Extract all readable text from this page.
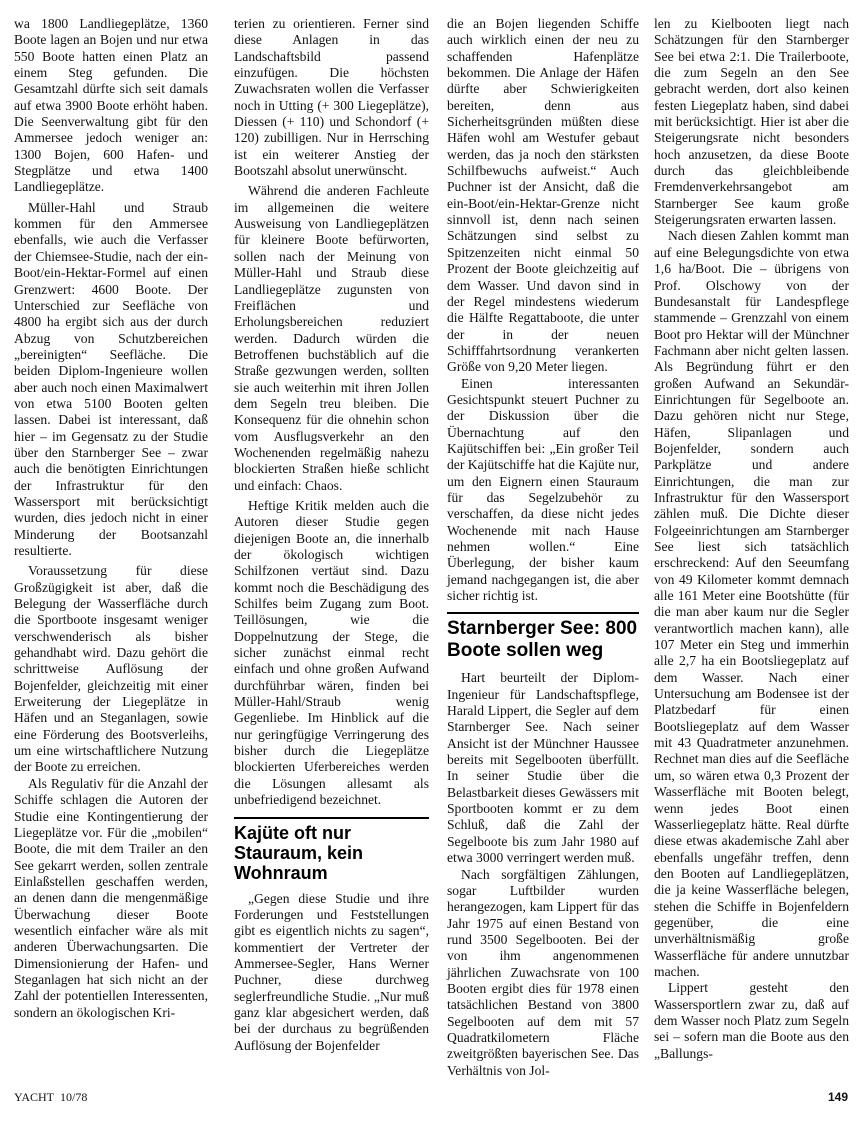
wa 1800 Landliegeplätze, 1360 Boote lagen an Bojen und nur etwa 550 Boote hatten einen Platz an einem Steg gefunden. Die Gesamtzahl dürfte sich seit damals auf etwa 3900 Boote erhöht haben. Die Seenverwaltung gibt für den Ammersee jedoch weniger an: 1300 Bojen, 600 Hafen- und Stegplätze und etwa 1400 Landliegeplätze.

Müller-Hahl und Straub kommen für den Ammersee ebenfalls, wie auch die Verfasser der Chiemsee-Studie, nach der ein-Boot/ein-Hektar-Formel auf einen Grenzwert: 4600 Boote. Der Unterschied zur Seefläche von 4800 ha ergibt sich aus der durch Abzug von Schutzbereichen „bereinigten“ Seefläche. Die beiden Diplom-Ingenieure wollen aber auch noch einen Maximalwert von etwa 5100 Booten gelten lassen. Dabei ist interessant, daß hier – im Gegensatz zu der Studie über den Starnberger See – zwar auch die benötigten Einrichtungen der Infrastruktur für den Wassersport mit berücksichtigt wurden, dies jedoch nicht in einer Minderung der Bootsanzahl resultierte.

Voraussetzung für diese Großzügigkeit ist aber, daß die Belegung der Wasserfläche durch die Sportboote insgesamt weniger verschwenderisch als bisher gehandhabt wird. Dazu gehört die schrittweise Auflösung der Bojenfelder, gleichzeitig mit einer Erweiterung der Liegeplätze in Häfen und an Steganlagen, sowie eine Förderung des Bootsverleihs, um eine wirtschaftlichere Nutzung der Boote zu erreichen.

Als Regulativ für die Anzahl der Schiffe schlagen die Autoren der Studie eine Kontingentierung der Liegeplätze vor. Für die „mobilen“ Boote, die mit dem Trailer an den See gekarrt werden, sollen zentrale Einlaßstellen geschaffen werden, an denen dann die mengenmäßige Überwachung dieser Boote wesentlich einfacher wäre als mit anderen Überwachungsarten. Die Dimensionierung der Hafen- und Steganlagen hat sich nicht an der Zahl der potentiellen Interessenten, sondern an ökologischen Kri-

terien zu orientieren. Ferner sind diese Anlagen in das Landschaftsbild passend einzufügen. Die höchsten Zuwachsraten wollen die Verfasser noch in Utting (+ 300 Liegeplätze), Diessen (+ 110) und Schondorf (+ 120) zubilligen. Nur in Herrsching ist ein weiterer Anstieg der Bootszahl absolut unerwünscht.

Während die anderen Fachleute im allgemeinen die weitere Ausweisung von Landliegeplätzen für kleinere Boote befürworten, sollen nach der Meinung von Müller-Hahl und Straub diese Landliegeplätze zugunsten von Freiflächen und Erholungsbereichen reduziert werden. Dadurch würden die Betroffenen buchstäblich auf die Straße gezwungen werden, sollten sie auch weiterhin mit ihren Jollen dem Segeln treu bleiben. Die Konsequenz für die ohnehin schon vom Ausflugsverkehr an den Wochenenden regelmäßig nahezu blockierten Straßen hieße schlicht und einfach: Chaos.

Heftige Kritik melden auch die Autoren dieser Studie gegen diejenigen Boote an, die innerhalb der ökologisch wichtigen Schilfzonen vertäut sind. Dazu kommt noch die Beschädigung des Schilfes beim Zugang zum Boot. Teillösungen, wie die Doppelnutzung der Stege, die sicher zunächst einmal recht einfach und ohne großen Aufwand durchführbar wären, finden bei Müller-Hahl/Straub wenig Gegenliebe. Im Hinblick auf die nur geringfügige Verringerung des bisher durch die Liegeplätze blockierten Uferbereiches werden die Lösungen allesamt als unbefriedigend bezeichnet.

Kajüte oft nur Stauraum, kein Wohnraum

„Gegen diese Studie und ihre Forderungen und Feststellungen gibt es eigentlich nichts zu sagen“, kommentiert der Vertreter der Ammersee-Segler, Hans Werner Puchner, diese durchweg seglerfreundliche Studie. „Nur muß ganz klar abgesichert werden, daß bei der durchaus zu begrüßenden Auflösung der Bojenfelder

die an Bojen liegenden Schiffe auch wirklich einen der neu zu schaffenden Hafenplätze bekommen. Die Anlage der Häfen dürfte aber Schwierigkeiten bereiten, denn aus Sicherheitsgründen müßten diese Häfen wohl am Westufer gebaut werden, das ja noch den stärksten Schilfbewuchs aufweist.“ Auch Puchner ist der Ansicht, daß die ein-Boot/ein-Hektar-Grenze nicht sinnvoll ist, denn nach seinen Schätzungen sind selbst zu Spitzenzeiten nicht einmal 50 Prozent der Boote gleichzeitig auf dem Wasser. Und davon sind in der Regel mindestens wiederum die Hälfte Regattaboote, die unter der in der neuen Schifffahrtsordnung verankerten Größe von 9,20 Meter liegen.

Einen interessanten Gesichtspunkt steuert Puchner zu der Diskussion über die Übernachtung auf den Kajütschiffen bei: „Ein großer Teil der Kajütschiffe hat die Kajüte nur, um den Eignern einen Stauraum für das Segelzubehör zu verschaffen, da diese nicht jedes Wochenende mit nach Hause nehmen wollen.“ Eine Überlegung, der bisher kaum jemand nachgegangen ist, die aber sicher richtig ist.

Starnberger See: 800 Boote sollen weg

Hart beurteilt der Diplom-Ingenieur für Landschaftspflege, Harald Lippert, die Segler auf dem Starnberger See. Nach seiner Ansicht ist der Münchner Haussee bereits mit Segelbooten überfüllt. In seiner Studie über die Belastbarkeit dieses Gewässers mit Sportbooten kommt er zu dem Schluß, daß die Zahl der Segelboote bis zum Jahr 1980 auf etwa 3000 verringert werden muß.

Nach sorgfältigen Zählungen, sogar Luftbilder wurden herangezogen, kam Lippert für das Jahr 1975 auf einen Bestand von rund 3500 Segelbooten. Bei der von ihm angenommenen jährlichen Zuwachsrate von 100 Booten ergibt dies für 1978 einen tatsächlichen Bestand von 3800 Segelbooten auf dem mit 57 Quadratkilometern Fläche zweitgrößten bayerischen See. Das Verhältnis von Jol-

len zu Kielbooten liegt nach Schätzungen für den Starnberger See bei etwa 2:1. Die Trailerboote, die zum Segeln an den See gebracht werden, dort also keinen festen Liegeplatz haben, sind dabei mit berücksichtigt. Hier ist aber die Steigerungsrate nicht besonders hoch anzusetzen, da diese Boote durch das gleichbleibende Fremdenverkehrsangebot am Starnberger See kaum große Steigerungsraten erwarten lassen.

Nach diesen Zahlen kommt man auf eine Belegungsdichte von etwa 1,6 ha/Boot. Die – übrigens von Prof. Olschowy von der Bundesanstalt für Landespflege stammende – Grenzzahl von einem Boot pro Hektar will der Münchner Fachmann aber nicht gelten lassen. Als Begründung führt er den großen Aufwand an Sekundär-Einrichtungen für Segelboote an. Dazu gehören nicht nur Stege, Häfen, Slipanlagen und Bojenfelder, sondern auch Parkplätze und andere Einrichtungen, die man zur Infrastruktur für den Wassersport zählen muß. Die Dichte dieser Folgeeinrichtungen am Starnberger See liest sich tatsächlich erschreckend: Auf den Seeumfang von 49 Kilometer kommt demnach alle 161 Meter eine Bootshütte (für die man aber kaum nur die Segler verantwortlich machen kann), alle 107 Meter ein Steg und immerhin alle 2,7 ha ein Bootsliegeplatz auf dem Wasser. Nach einer Untersuchung am Bodensee ist der Platzbedarf für einen Bootsliegeplatz auf dem Wasser mit 43 Quadratmeter anzunehmen. Rechnet man dies auf die Seefläche um, so wären etwa 0,3 Prozent der Wasserfläche mit Booten belegt, wenn jedes Boot einen Wasserliegeplatz hätte. Real dürfte diese etwas akademische Zahl aber ebenfalls ungefähr treffen, denn den Booten auf Landliegeplätzen, die ja keine Wasserfläche belegen, stehen die Schiffe in Bojenfeldern gegenüber, die eine unverhältnismäßig große Wasserfläche für andere unnutzbar machen.

Lippert gesteht den Wassersportlern zwar zu, daß auf dem Wasser noch Platz zum Segeln sei – sofern man die Boote aus den „Ballungs-

YACHT 10/78	149
